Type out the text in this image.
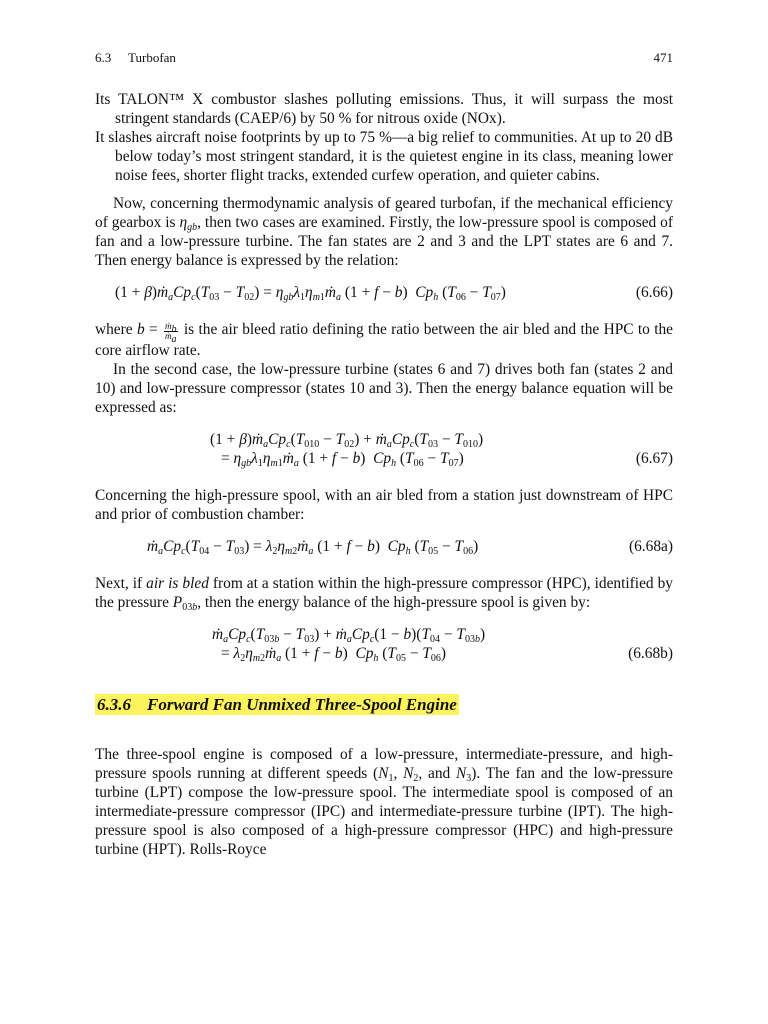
6.3 Turbofan	471

Its TALON™ X combustor slashes polluting emissions. Thus, it will surpass the most stringent standards (CAEP/6) by 50 % for nitrous oxide (NOx).

It slashes aircraft noise footprints by up to 75 %—a big relief to communities. At up to 20 dB below today’s most stringent standard, it is the quietest engine in its class, meaning lower noise fees, shorter flight tracks, extended curfew operation, and quieter cabins.

Now, concerning thermodynamic analysis of geared turbofan, if the mechanical efficiency of gearbox is $\eta_{gb}$, then two cases are examined. Firstly, the low-pressure spool is composed of fan and a low-pressure turbine. The fan states are 2 and 3 and the LPT states are 6 and 7. Then energy balance is expressed by the relation:

$(1 + \beta)ṁ_aCp_c(T_{03} - T_{02})$ = $\eta_{gb}\lambda_1\eta_{m1}ṁ_a$ (1 + f − b)  $Cp_h$ $(T_{06} - T_{07})$	(6.66)

where $b = \frac{ṁ_b}{ṁ_a}$ is the air bleed ratio defining the ratio between the air bled and the HPC to the core airflow rate.

In the second case, the low-pressure turbine (states 6 and 7) drives both fan (states 2 and 10) and low-pressure compressor (states 10 and 3). Then the energy balance equation will be expressed as:

$(1 + \beta)ṁ_aCp_c(T_{010} - T_{02})$ + $ṁ_aCp_c(T_{03} - T_{010})$
= $\eta_{gb}\lambda_1\eta_{m1}ṁ_a$ (1 + f − b)  $Cp_h$ $(T_{06} - T_{07})$	(6.67)

Concerning the high-pressure spool, with an air bled from a station just downstream of HPC and prior of combustion chamber:

$ṁ_aCp_c(T_{04} - T_{03})$ = $\lambda_2\eta_{m2}ṁ_a$ (1 + f − b)  $Cp_h$ $(T_{05} - T_{06})$	(6.68a)

Next, if air is bled from at a station within the high-pressure compressor (HPC), identified by the pressure $P_{03b}$, then the energy balance of the high-pressure spool is given by:

$ṁ_aCp_c(T_{03b} - T_{03})$ + $ṁ_aCp_c(1 - b)(T_{04} - T_{03b})$
= $\lambda_2\eta_{m2}ṁ_a$ (1 + f − b)  $Cp_h$ $(T_{05} - T_{06})$	(6.68b)
6.3.6 Forward Fan Unmixed Three-Spool Engine

The three-spool engine is composed of a low-pressure, intermediate-pressure, and high-pressure spools running at different speeds ($N_1$, $N_2$, and $N_3$). The fan and the low-pressure turbine (LPT) compose the low-pressure spool. The intermediate spool is composed of an intermediate-pressure compressor (IPC) and intermediate-pressure turbine (IPT). The high-pressure spool is also composed of a high-pressure compressor (HPC) and high-pressure turbine (HPT). Rolls-Royce
